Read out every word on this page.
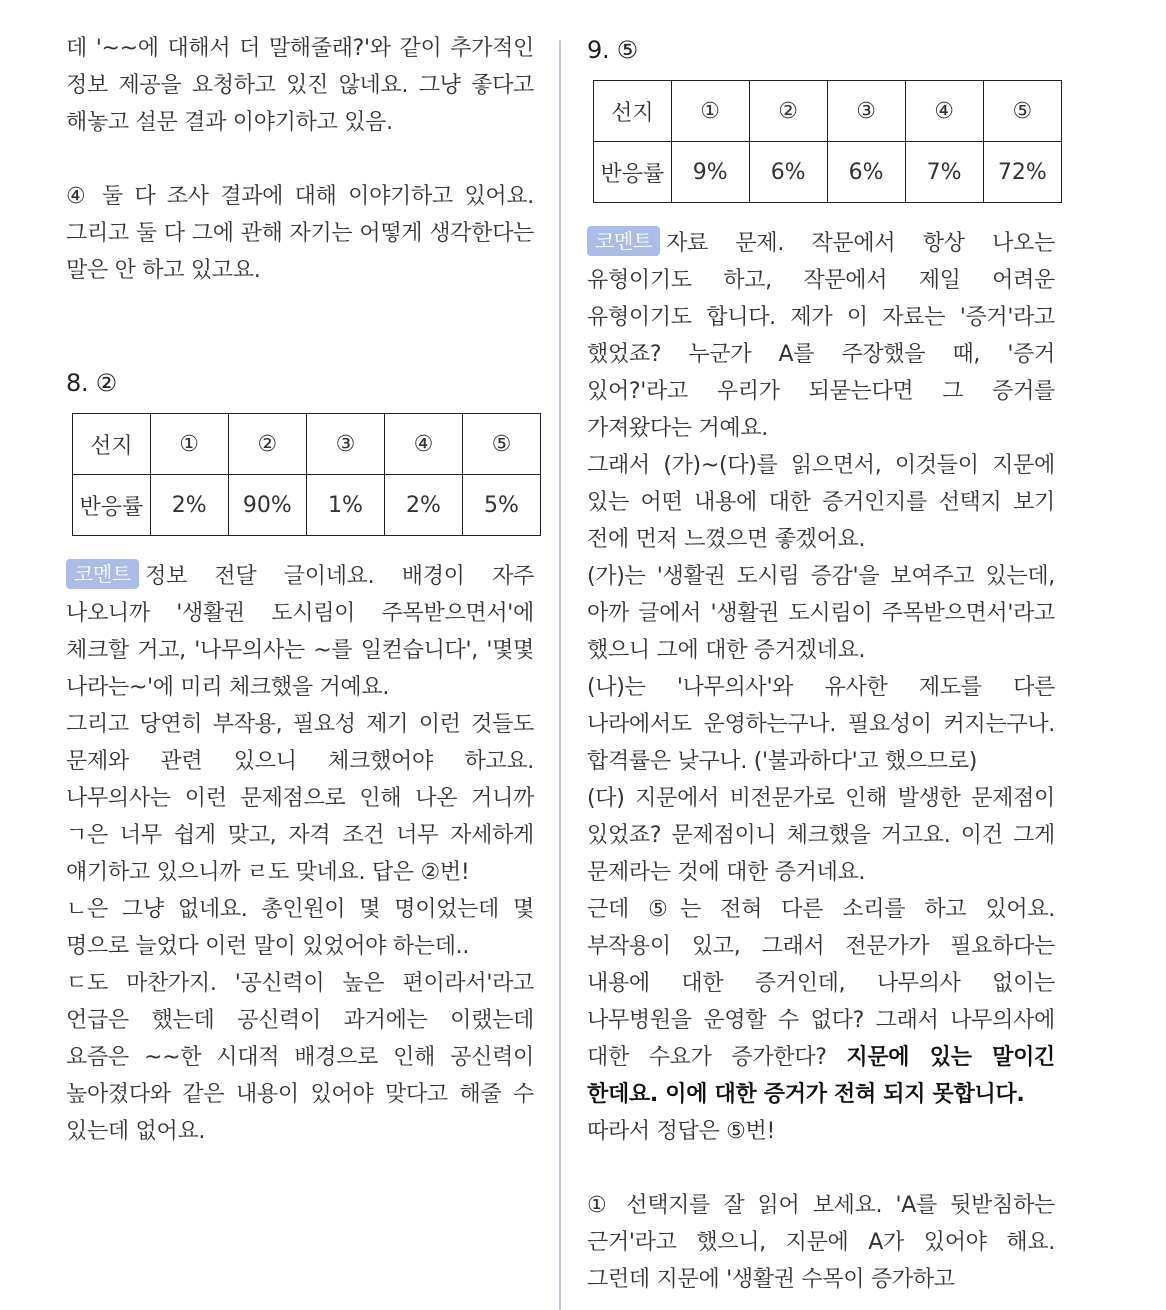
데 '~~에 대해서 더 말해줄래?'와 같이 추가적인 정보 제공을 요청하고 있진 않네요. 그냥 좋다고 해놓고 설문 결과 이야기하고 있음.

④ 둘 다 조사 결과에 대해 이야기하고 있어요. 그리고 둘 다 그에 관해 자기는 어떻게 생각한다는 말은 안 하고 있고요.

8. ②

선지	①	②	③	④	⑤
반응률	2%	90%	1%	2%	5%

코멘트 정보 전달 글이네요. 배경이 자주 나오니까 '생활권 도시림이 주목받으면서'에 체크할 거고, '나무의사는 ~를 일컫습니다', '몇몇 나라는~'에 미리 체크했을 거예요.

그리고 당연히 부작용, 필요성 제기 이런 것들도 문제와 관련 있으니 체크했어야 하고요. 나무의사는 이런 문제점으로 인해 나온 거니까 ㄱ은 너무 쉽게 맞고, 자격 조건 너무 자세하게 얘기하고 있으니까 ㄹ도 맞네요. 답은 ②번!

ㄴ은 그냥 없네요. 총인원이 몇 명이었는데 몇 명으로 늘었다 이런 말이 있었어야 하는데..

ㄷ도 마찬가지. '공신력이 높은 편이라서'라고 언급은 했는데 공신력이 과거에는 이랬는데 요즘은 ~~한 시대적 배경으로 인해 공신력이 높아졌다와 같은 내용이 있어야 맞다고 해줄 수 있는데 없어요.

9. ⑤

선지	①	②	③	④	⑤
반응률	9%	6%	6%	7%	72%

코멘트 자료 문제. 작문에서 항상 나오는 유형이기도 하고, 작문에서 제일 어려운 유형이기도 합니다. 제가 이 자료는 '증거'라고 했었죠? 누군가 A를 주장했을 때, '증거 있어?'라고 우리가 되묻는다면 그 증거를 가져왔다는 거예요.

그래서 (가)~(다)를 읽으면서, 이것들이 지문에 있는 어떤 내용에 대한 증거인지를 선택지 보기 전에 먼저 느꼈으면 좋겠어요.

(가)는 '생활권 도시림 증감'을 보여주고 있는데, 아까 글에서 '생활권 도시림이 주목받으면서'라고 했으니 그에 대한 증거겠네요.

(나)는 '나무의사'와 유사한 제도를 다른 나라에서도 운영하는구나. 필요성이 커지는구나. 합격률은 낮구나. ('불과하다'고 했으므로)

(다) 지문에서 비전문가로 인해 발생한 문제점이 있었죠? 문제점이니 체크했을 거고요. 이건 그게 문제라는 것에 대한 증거네요.

근데 ⑤는 전혀 다른 소리를 하고 있어요. 부작용이 있고, 그래서 전문가가 필요하다는 내용에 대한 증거인데, 나무의사 없이는 나무병원을 운영할 수 없다? 그래서 나무의사에 대한 수요가 증가한다? 지문에 있는 말이긴 한데요. 이에 대한 증거가 전혀 되지 못합니다.
따라서 정답은 ⑤번!

① 선택지를 잘 읽어 보세요. 'A를 뒷받침하는 근거'라고 했으니, 지문에 A가 있어야 해요. 그런데 지문에 '생활권 수목이 증가하고
